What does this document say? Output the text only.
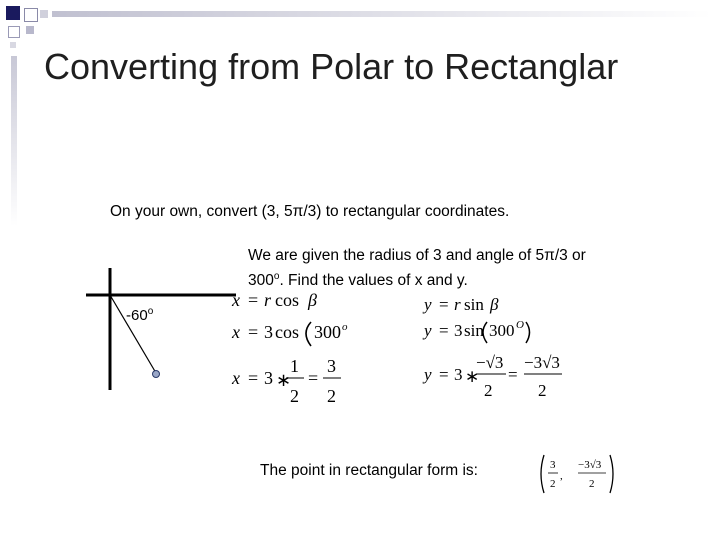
Converting from Polar to Rectanglar
On your own, convert (3, 5π/3) to rectangular coordinates.
We are given the radius of 3 and angle of 5π/3 or
300$^o$. Find the values of x and y.
-60$^o$
x = r cos β
x = 3 cos 300 o
x = 3 ∗
1
2
=
3
2
y = r sin β
y = 3 sin 300 O
y = 3 ∗
−√3
2
=
−3√3
2
The point in rectangular form is:	3
2
,
−3√3
2
